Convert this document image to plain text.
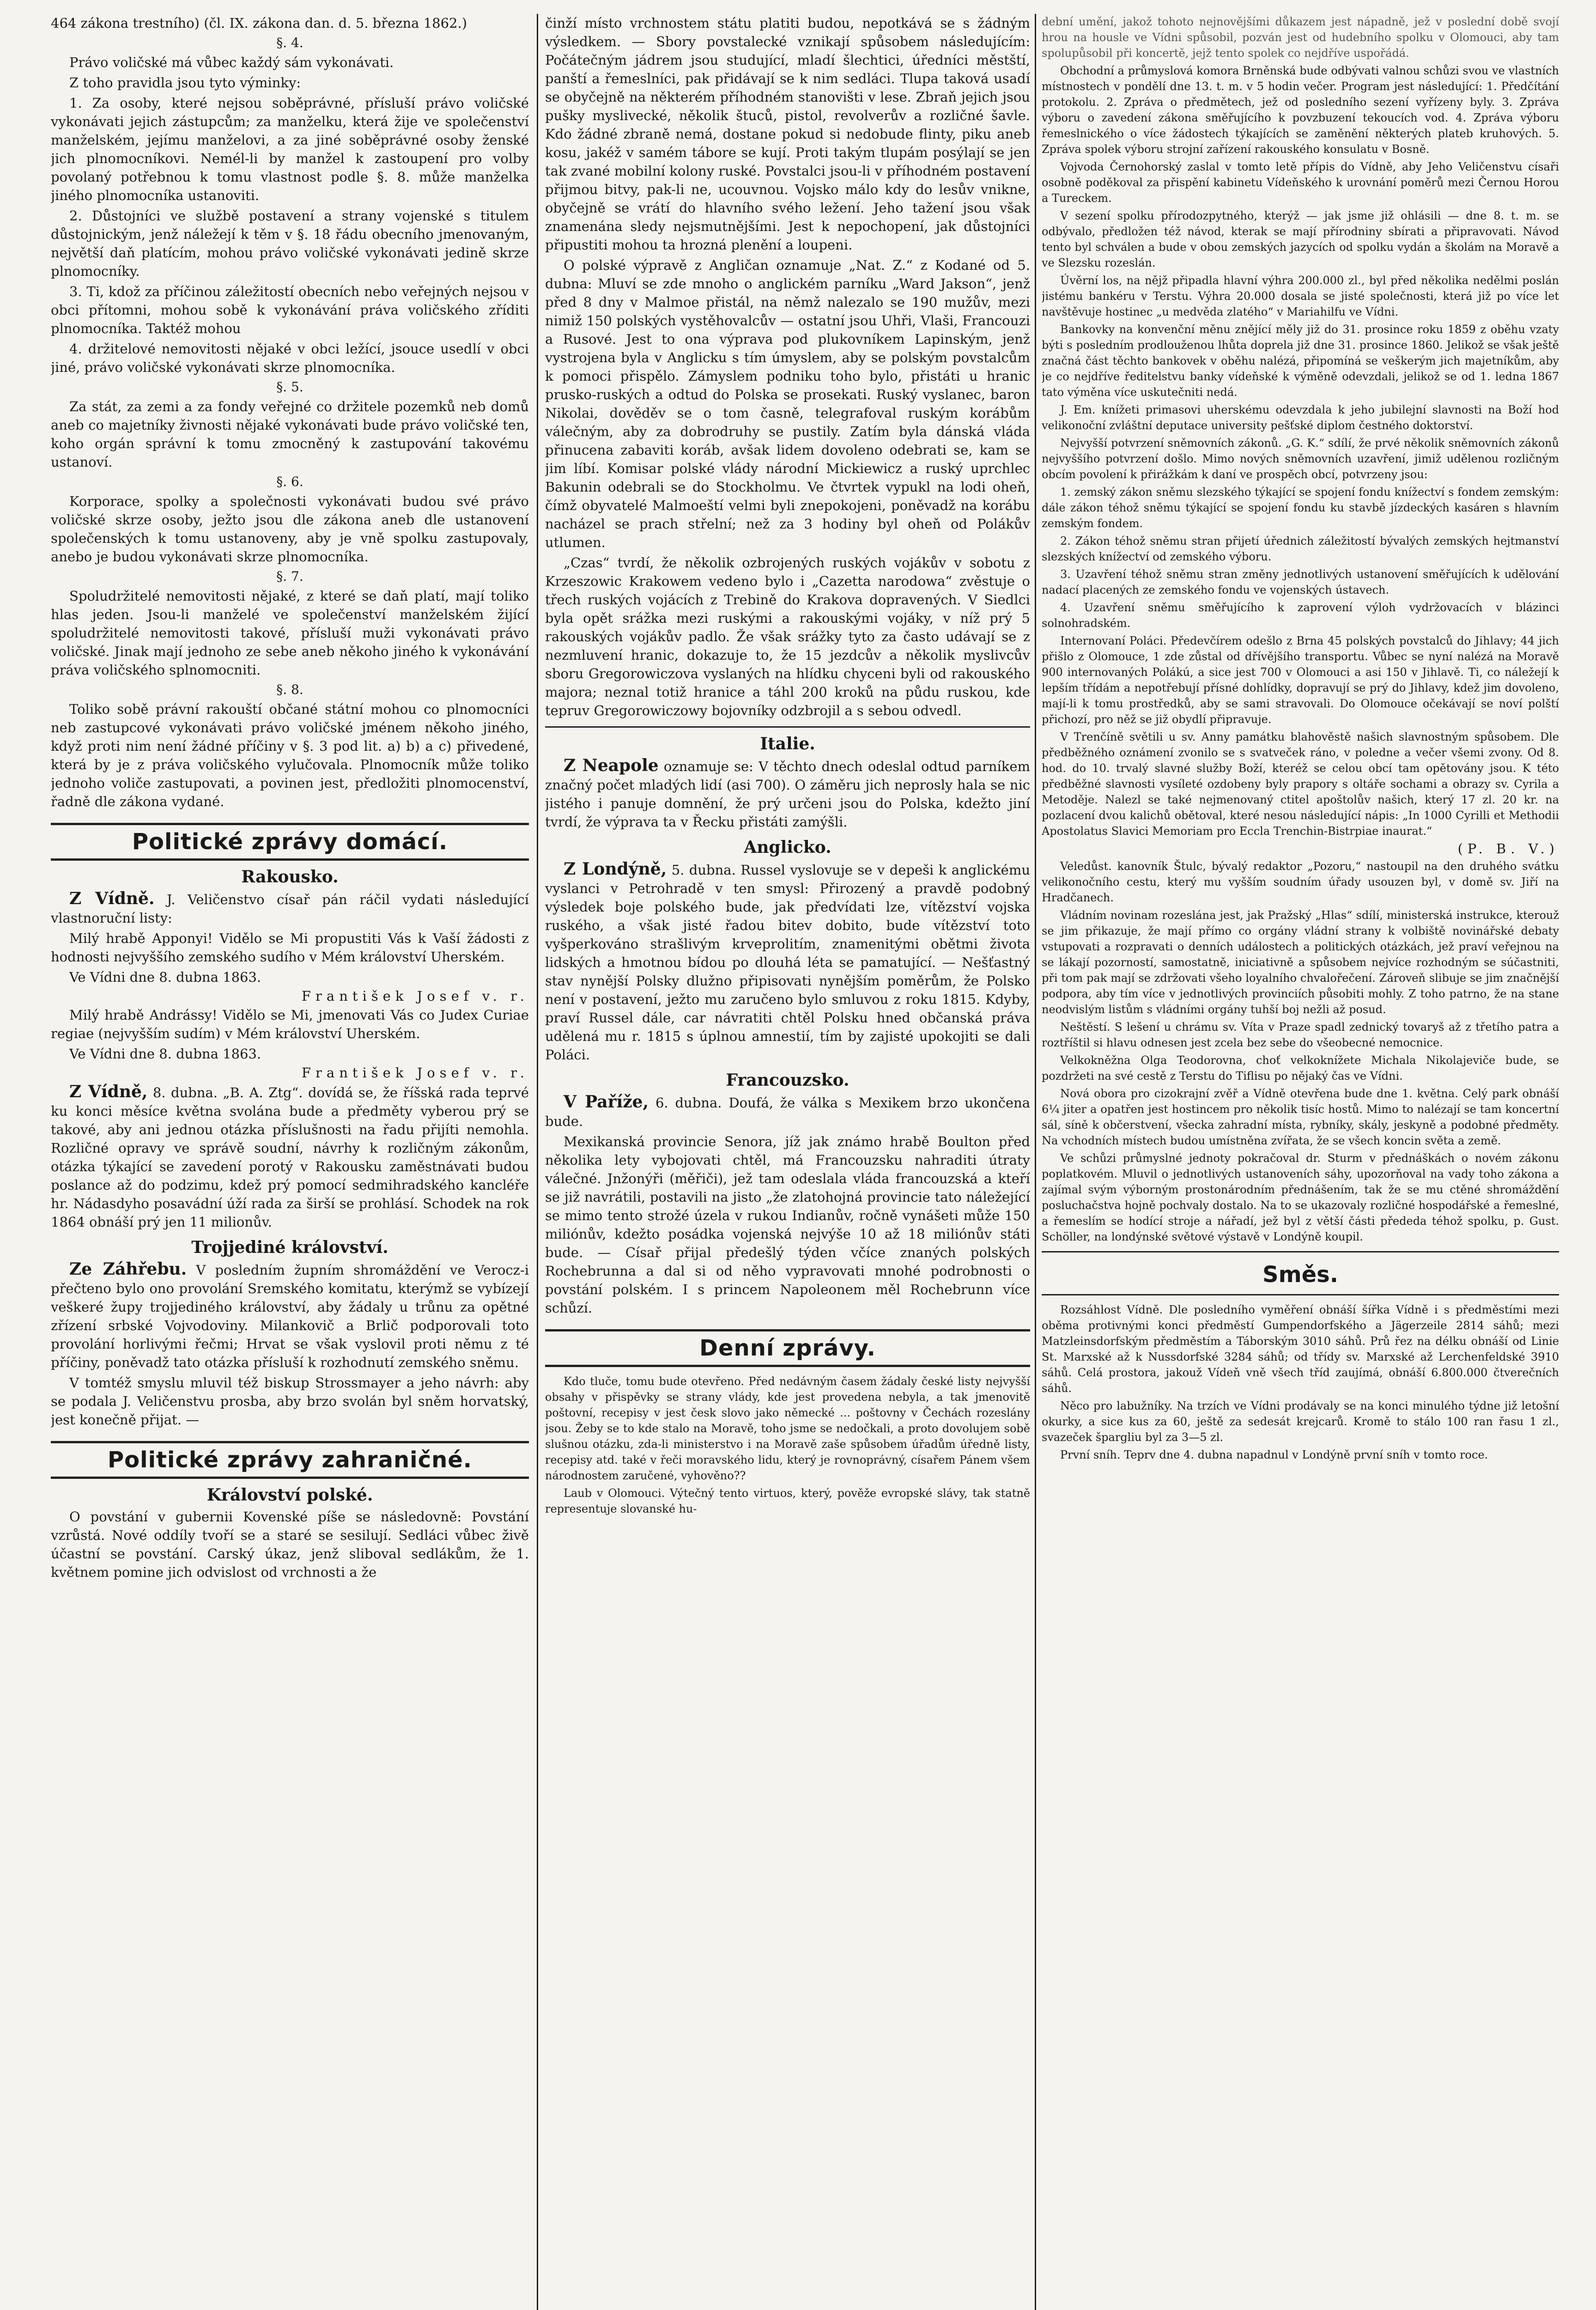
464 zákona trestního) (čl. IX. zákona dan. d. 5. března 1862.)

§. 4.

Právo voličské má vůbec každý sám vykonávati.

Z toho pravidla jsou tyto výminky:

1. Za osoby, které nejsou soběprávné, přísluší právo voličské vykonávati jejich zástupcům; za manželku, která žije ve společenství manželském, jejímu manželovi, a za jiné soběprávné osoby ženské jich plnomocníkovi. Nemél-li by manžel k zastoupení pro volby povolaný potřebnou k tomu vlastnost podle §. 8. může manželka jiného plnomocníka ustanoviti.

2. Důstojníci ve službě postavení a strany vojenské s titulem důstojnickým, jenž náležejí k těm v §. 18 řádu obecního jmenovaným, největší daň platícím, mohou právo voličské vykonávati jedině skrze plnomocníky.

3. Ti, kdož za příčinou záležitostí obecních nebo veřejných nejsou v obci přítomni, mohou sobě k vykonávání práva voličského zříditi plnomocníka. Taktéž mohou

4. držitelové nemovitosti nějaké v obci ležící, jsouce usedlí v obci jiné, právo voličské vykonávati skrze plnomocníka.

§. 5.

Za stát, za zemi a za fondy veřejné co držitele pozemků neb domů aneb co majetníky živnosti nějaké vykonávati bude právo voličské ten, koho orgán správní k tomu zmocněný k zastupování takovému ustanoví.

§. 6.

Korporace, spolky a společnosti vykonávati budou své právo voličské skrze osoby, ježto jsou dle zákona aneb dle ustanovení společenských k tomu ustanoveny, aby je vně spolku zastupovaly, anebo je budou vykonávati skrze plnomocníka.

§. 7.

Spoludržitelé nemovitosti nějaké, z které se daň platí, mají toliko hlas jeden. Jsou-li manželé ve společenství manželském žijící spoludržitelé nemovitosti takové, přísluší muži vykonávati právo voličské. Jinak mají jednoho ze sebe aneb někoho jiného k vykonávání práva voličského splnomocniti.

§. 8.

Toliko sobě právní rakouští občané státní mohou co plnomocníci neb zastupcové vykonávati právo voličské jménem někoho jiného, když proti nim není žádné příčiny v §. 3 pod lit. a) b) a c) přivedené, která by je z práva voličského vylučovala. Plnomocník může toliko jednoho voliče zastupovati, a povinen jest, předložiti plnomocenství, řadně dle zákona vydané.

Politické zprávy domácí.
Rakousko.

Z Vídně. J. Veličenstvo císař pán ráčil vydati následující vlastnoruční listy:

Milý hrabě Apponyi! Vidělo se Mi propustiti Vás k Vaší žádosti z hodnosti nejvyššího zemského sudího v Mém království Uherském.

Ve Vídni dne 8. dubna 1863.

František Josef v. r.

Milý hrabě Andrássy! Vidělo se Mi, jmenovati Vás co Judex Curiae regiae (nejvyšším sudím) v Mém království Uherském.

Ve Vídni dne 8. dubna 1863.

František Josef v. r.

Z Vídně, 8. dubna. „B. A. Ztg“. dovídá se, že říšská rada teprvé ku konci měsíce května svolána bude a předměty vyberou prý se takové, aby ani jednou otázka příslušnosti na řadu přijíti nemohla. Rozličné opravy ve správě soudní, návrhy k rozličným zákonům, otázka týkající se zavedení porotý v Rakousku zaměstnávati budou poslance až do podzimu, kdež prý pomocí sedmihradského kancléře hr. Nádasdyho posavádní úží rada za širší se prohlásí. Schodek na rok 1864 obnáší prý jen 11 milionův.

Trojjediné království.

Ze Záhřebu. V posledním župním shromáždění ve Verocz-i přečteno bylo ono provolání Sremského komitatu, kterýmž se vybízejí veškeré župy trojjediného království, aby žádaly u trůnu za opětné zřízení srbské Vojvodoviny. Milankovič a Brlič podporovali toto provolání horlivými řečmi; Hrvat se však vyslovil proti němu z té příčiny, poněvadž tato otázka přísluší k rozhodnutí zemského sněmu.

V tomtéž smyslu mluvil též biskup Strossmayer a jeho návrh: aby se podala J. Veličenstvu prosba, aby brzo svolán byl sněm horvatský, jest konečně přijat. —

Politické zprávy zahraničné.
Království polské.

O povstání v gubernii Kovenské píše se následovně: Povstání vzrůstá. Nové oddíly tvoří se a staré se sesilují. Sedláci vůbec živě účastní se povstání. Carský úkaz, jenž sliboval sedlákům, že 1. květnem pomine jich odvislost od vrchnosti a že

činží místo vrchnostem státu platiti budou, nepotkává se s žádným výsledkem. — Sbory povstalecké vznikají spůsobem následujícím: Počátečným jádrem jsou studující, mladí šlechtici, úředníci městští, panští a řemeslníci, pak přidávají se k nim sedláci. Tlupa taková usadí se obyčejně na některém příhodném stanovišti v lese. Zbraň jejich jsou pušky myslivecké, několik štuců, pistol, revolverův a rozličné šavle. Kdo žádné zbraně nemá, dostane pokud si nedobude flinty, piku aneb kosu, jakéž v samém tábore se kují. Proti takým tlupám posýlají se jen tak zvané mobilní kolony ruské. Povstalci jsou-li v příhodném postavení přijmou bitvy, pak-li ne, ucouvnou. Vojsko málo kdy do lesův vnikne, obyčejně se vrátí do hlavního svého ležení. Jeho tažení jsou však znamenána sledy nejsmutnějšími. Jest k nepochopení, jak důstojníci připustiti mohou ta hrozná plenění a loupeni.

O polské výpravě z Angličan oznamuje „Nat. Z.“ z Kodané od 5. dubna: Mluví se zde mnoho o anglickém parníku „Ward Jakson“, jenž před 8 dny v Malmoe přistál, na němž nalezalo se 190 mužův, mezi nimiž 150 polských vystěhovalcův — ostatní jsou Uhři, Vlaši, Francouzi a Rusové. Jest to ona výprava pod plukovníkem Lapinským, jenž vystrojena byla v Anglicku s tím úmyslem, aby se polským povstalcům k pomoci přispělo. Zámyslem podniku toho bylo, přistáti u hranic prusko-ruských a odtud do Polska se prosekati. Ruský vyslanec, baron Nikolai, dověděv se o tom časně, telegrafoval ruským korábům válečným, aby za dobrodruhy se pustily. Zatím byla dánská vláda přinucena zabaviti koráb, avšak lidem dovoleno odebrati se, kam se jim líbí. Komisar polské vlády národní Mickiewicz a ruský uprchlec Bakunin odebrali se do Stockholmu. Ve čtvrtek vypukl na lodi oheň, čímž obyvatelé Malmoeští velmi byli znepokojeni, poněvadž na korábu nacházel se prach střelní; než za 3 hodiny byl oheň od Polákův utlumen.

„Czas“ tvrdí, že několik ozbrojených ruských vojákův v sobotu z Krzeszowic Krakowem vedeno bylo i „Cazetta narodowa“ zvěstuje o třech ruských vojácích z Trebině do Krakova dopravených. V Siedlci byla opět srážka mezi ruskými a rakouskými vojáky, v níž prý 5 rakouských vojákův padlo. Že však srážky tyto za často udávají se z nezmluvení hranic, dokazuje to, že 15 jezdcův a několik myslivcův sboru Gregorowiczova vyslaných na hlídku chyceni byli od rakouského majora; neznal totiž hranice a táhl 200 kroků na půdu ruskou, kde tepruv Gregorowiczowy bojovníky odzbrojil a s sebou odvedl.

Italie.

Z Neapole oznamuje se: V těchto dnech odeslal odtud parníkem značný počet mladých lidí (asi 700). O záměru jich neprosly hala se nic jistého i panuje domnění, že prý určeni jsou do Polska, kdežto jiní tvrdí, že výprava ta v Řecku přistáti zamýšli.

Anglicko.

Z Londýně, 5. dubna. Russel vyslovuje se v depeši k anglickému vyslanci v Petrohradě v ten smysl: Přirozený a pravdě podobný výsledek boje polského bude, jak předvídati lze, vítězství vojska ruského, a však jisté řadou bitev dobito, bude vítězství toto vyšperkováno strašlivým krveprolitím, znamenitými obětmi života lidských a hmotnou bídou po dlouhá léta se pamatující. — Nešťastný stav nynější Polsky dlužno připisovati nynějším poměrům, že Polsko není v postavení, ježto mu zaručeno bylo smluvou z roku 1815. Kdyby, praví Russel dále, car návratiti chtěl Polsku hned občanská práva udělená mu r. 1815 s úplnou amnestií, tím by zajisté upokojiti se dali Poláci.

Francouzsko.

V Paříže, 6. dubna. Doufá, že válka s Mexikem brzo ukončena bude.

Mexikanská provincie Senora, jíž jak známo hrabě Boulton před několika lety vybojovati chtěl, má Francouzsku nahraditi útraty válečné. Jnžonýři (měřiči), jež tam odeslala vláda francouzská a kteří se již navrátili, postavili na jisto „že zlatohojná provincie tato náležející se mimo tento strožé úzela v rukou Indianův, ročně vynášeti může 150 miliónův, kdežto posádka vojenská nejvýše 10 až 18 miliónův státi bude. — Císař přijal předešlý týden včíce znaných polských Rochebrunna a dal si od něho vypravovati mnohé podrobnosti o povstání polském. I s princem Napoleonem měl Rochebrunn více schůzí.

Denní zprávy.

Kdo tluče, tomu bude otevřeno. Před nedávným časem žádaly české listy nejvyšší obsahy v přispěvky se strany vlády, kde jest provedena nebyla, a tak jmenovitě poštovní, recepisy v jest česk slovo jako německé ... poštovny v Čechách rozeslány jsou. Žeby se to kde stalo na Moravě, toho jsme se nedočkali, a proto dovolujem sobě slušnou otázku, zda-li ministerstvo i na Moravě zaše spůsobem úřadům úředně listy, recepisy atd. také v řeči moravského lidu, který je rovnoprávný, císařem Pánem všem národnostem zaručené, vyhověno??

Laub v Olomouci. Výtečný tento virtuos, který, pověže evropské slávy, tak statně representuje slovanské hu-

dební umění, jakož tohoto nejnovějšími důkazem jest nápadně, jež v poslední době svojí hrou na housle ve Vídni spůsobil, pozván jest od hudebního spolku v Olomouci, aby tam spolupůsobil při koncertě, jejž tento spolek co nejdříve uspořádá.

Obchodní a průmyslová komora Brněnská bude odbývati valnou schůzi svou ve vlastních místnostech v pondělí dne 13. t. m. v 5 hodin večer. Program jest následující: 1. Předčítání protokolu. 2. Zpráva o předmětech, jež od posledního sezení vyřízeny byly. 3. Zpráva výboru o zavedení zákona směřujícího k povzbuzení tekoucích vod. 4. Zpráva výboru řemeslnického o více žádostech týkajících se zaměnění některých plateb kruhových. 5. Zpráva spolek výboru strojní zařízení rakouského konsulatu v Bosně.

Vojvoda Černohorský zaslal v tomto letě přípis do Vídně, aby Jeho Veličenstvu císaři osobně poděkoval za přispění kabinetu Vídeňského k urovnání poměrů mezi Černou Horou a Tureckem.

V sezení spolku přírodozpytného, kterýž — jak jsme již ohlásili — dne 8. t. m. se odbývalo, předložen též návod, kterak se mají přírodniny sbírati a připravovati. Návod tento byl schválen a bude v obou zemských jazycích od spolku vydán a školám na Moravě a ve Slezsku rozeslán.

Úvěrní los, na nějž připadla hlavní výhra 200.000 zl., byl před několika nedělmi poslán jistému bankéru v Terstu. Výhra 20.000 dosala se jisté společnosti, která již po více let navštěvuje hostinec „u medvěda zlatého“ v Mariahilfu ve Vídni.

Bankovky na konvenční měnu znějící měly již do 31. prosince roku 1859 z oběhu vzaty býti s posledním prodlouženou lhůta doprela již dne 31. prosince 1860. Jelikož se však ještě značná část těchto bankovek v oběhu nalézá, připomíná se veškerým jich majetníkům, aby je co nejdříve ředitelstvu banky vídeňské k výměně odevzdali, jelikož se od 1. ledna 1867 tato výměna více uskutečniti nedá.

J. Em. knížeti primasovi uherskému odevzdala k jeho jubilejní slavnosti na Boží hod velikonoční zvláštní deputace university pešťské diplom čestného doktorství.

Nejvyšší potvrzení sněmovních zákonů. „G. K.“ sdílí, že prvé několik sněmovních zákonů nejvyššího potvrzení došlo. Mimo nových sněmovních uzavření, jimiž udělenou rozličným obcím povolení k přirážkám k daní ve prospěch obcí, potvrzeny jsou:

1. zemský zákon sněmu slezského týkající se spojení fondu knížectví s fondem zemským: dále zákon téhož sněmu týkající se spojení fondu ku stavbě jízdeckých kasáren s hlavním zemským fondem.

2. Zákon téhož sněmu stran přijetí úřednich záležitostí bývalých zemských hejtmanství slezských knížectví od zemského výboru.

3. Uzavření téhož sněmu stran změny jednotlivých ustanovení směřujících k udělování nadací placených ze zemského fondu ve vojenských ústavech.

4. Uzavření sněmu směřujícího k zaprovení výloh vydržovacích v blázinci solnohradském.

Internovaní Poláci. Předevčírem odešlo z Brna 45 polských povstalců do Jihlavy; 44 jich přišlo z Olomouce, 1 zde zůstal od dřívějšího transportu. Vůbec se nyní nalézá na Moravě 900 internovaných Polákú, a sice jest 700 v Olomouci a asi 150 v Jihlavě. Ti, co náležejí k lepším třídám a nepotřebují přísné dohlídky, dopravují se prý do Jihlavy, kdež jim dovoleno, mají-li k tomu prostředků, aby se sami stravovali. Do Olomouce očekávají se noví polští přichozí, pro něž se již obydlí připravuje.

V Trenčíně světili u sv. Anny památku blahověstě našich slavnostným spůsobem. Dle předběžného oznámení zvonilo se s svatveček ráno, v poledne a večer všemi zvony. Od 8. hod. do 10. trvalý slavné služby Boží, kteréž se celou obcí tam opětovány jsou. K této předběžné slavnosti vysíleté ozdobeny byly prapory s oltáře sochami a obrazy sv. Cyrila a Metoděje. Nalezl se také nejmenovaný ctitel apoštolův našich, který 17 zl. 20 kr. na pozlacení dvou kalichů obětoval, které nesou následující nápis: „In 1000 Cyrilli et Methodii Apostolatus Slavici Memoriam pro Eccla Trenchin-Bistrpiae inaurat.“

(P. B. V.)

Veledůst. kanovník Štulc, bývalý redaktor „Pozoru,“ nastoupil na den druhého svátku velikonočního cestu, který mu vyšším soudním úřady usouzen byl, v domě sv. Jiří na Hradčanech.

Vládním novinam rozeslána jest, jak Pražský „Hlas“ sdílí, ministerská instrukce, kterouž se jim přikazuje, že mají přímo co orgány vládní strany k volbiště novinářské debaty vstupovati a rozpravati o denních událostech a politických otázkách, jež praví veřejnou na se lákají pozorností, samostatně, iniciativně a spůsobem nejvíce rozhodným se súčastniti, při tom pak mají se zdržovati všeho loyalního chvalořečení. Zároveň slibuje se jim značnější podpora, aby tím více v jednotlivých provinciích působiti mohly. Z toho patrno, že na stane neodvislým listům s vládními orgány tuhší boj nežli až posud.

Neštěstí. S lešení u chrámu sv. Víta v Praze spadl zednický tovaryš až z třetího patra a roztříštil si hlavu odnesen jest zcela bez sebe do všeobecné nemocnice.

Velkokněžna Olga Teodorovna, choť velkoknížete Michala Nikolajeviče bude, se pozdržeti na své cestě z Terstu do Tiflisu po nějaký čas ve Vídni.

Nová obora pro cizokrajní zvěř a Vídně otevřena bude dne 1. května. Celý park obnáší 6¼ jiter a opatřen jest hostincem pro několik tisíc hostů. Mimo to nalézají se tam koncertní sál, síně k občerstvení, všecka zahradní místa, rybníky, skály, jeskyně a podobné předměty. Na vchodních místech budou umístněna zvířata, že se všech koncin světa a země.

Ve schůzi průmyslné jednoty pokračoval dr. Sturm v přednáškách o novém zákonu poplatkovém. Mluvil o jednotlivých ustanoveních sáhy, upozorňoval na vady toho zákona a zajímal svým výborným prostonárodním přednášením, tak že se mu ctěné shromáždění posluchačstva hojně pochvaly dostalo. Na to se ukazovaly rozličné hospodářské a řemeslné, a řemeslím se hodící stroje a nářadí, jež byl z větší části přededa téhož spolku, p. Gust. Schöller, na londýnské světové výstavě v Londýně koupil.

Směs.

Rozsáhlost Vídně. Dle posledního vyměření obnáší šířka Vídně i s předměstími mezi oběma protivnými konci předměstí Gumpendorfského a Jägerzeile 2814 sáhů; mezi Matzleinsdorfským předměstím a Táborským 3010 sáhů. Prů řez na délku obnáší od Linie St. Marxské až k Nussdorfské 3284 sáhů; od třídy sv. Marxské až Lerchenfeldské 3910 sáhů. Celá prostora, jakouž Vídeň vně všech tříd zaujímá, obnáší 6.800.000 čtverečních sáhů.

Něco pro labužníky. Na trzích ve Vídni prodávaly se na konci minulého týdne již letošní okurky, a sice kus za 60, ještě za sedesát krejcarů. Kromě to stálo 100 ran řasu 1 zl., svazeček špargliu byl za 3—5 zl.

První sníh. Teprv dne 4. dubna napadnul v Londýně první sníh v tomto roce.
